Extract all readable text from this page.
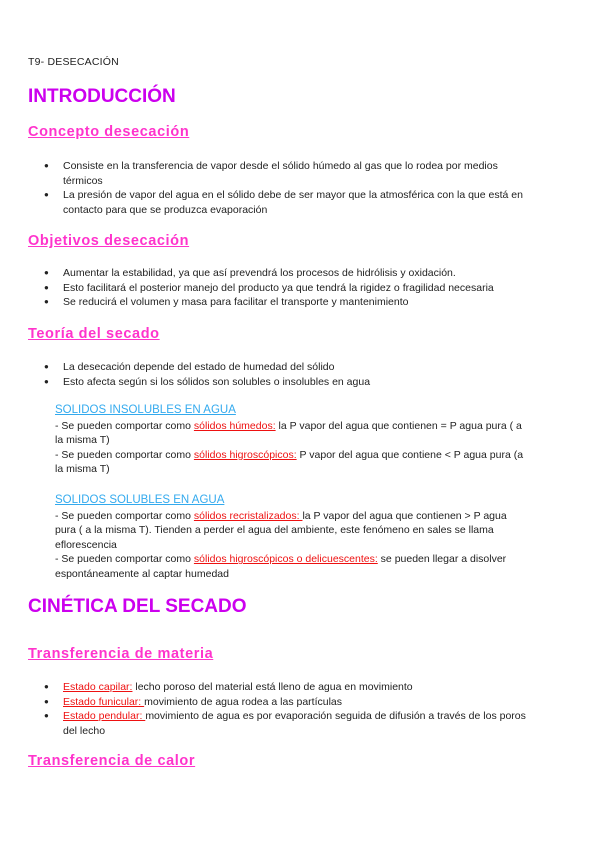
T9- DESECACIÓN
INTRODUCCIÓN
Concepto desecación
● Consiste en la transferencia de vapor desde el sólido húmedo al gas que lo rodea por medios térmicos
● La presión de vapor del agua en el sólido debe de ser mayor que la atmosférica con la que está en contacto para que se produzca evaporación
Objetivos desecación
● Aumentar la estabilidad, ya que así prevendrá los procesos de hidrólisis y oxidación.
● Esto facilitará el posterior manejo del producto ya que tendrá la rigidez o fragilidad necesaria
● Se reducirá el volumen y masa para facilitar el transporte y mantenimiento
Teoría del secado
● La desecación depende del estado de humedad del sólido
● Esto afecta según si los sólidos son solubles o insolubles en agua
SOLIDOS INSOLUBLES EN AGUA

- Se pueden comportar como sólidos húmedos: la P vapor del agua que contienen = P agua pura ( a la misma T)

- Se pueden comportar como sólidos higroscópicos: P vapor del agua que contiene < P agua pura (a la misma T)

SOLIDOS SOLUBLES EN AGUA

- Se pueden comportar como sólidos recristalizados: la P vapor del agua que contienen > P agua pura ( a la misma T). Tienden a perder el agua del ambiente, este fenómeno en sales se llama eflorescencia

- Se pueden comportar como sólidos higroscópicos o delicuescentes: se pueden llegar a disolver espontáneamente al captar humedad

CINÉTICA DEL SECADO
Transferencia de materia
● Estado capilar: lecho poroso del material está lleno de agua en movimiento
● Estado funicular: movimiento de agua rodea a las partículas
● Estado pendular: movimiento de agua es por evaporación seguida de difusión a través de los poros del lecho
Transferencia de calor
